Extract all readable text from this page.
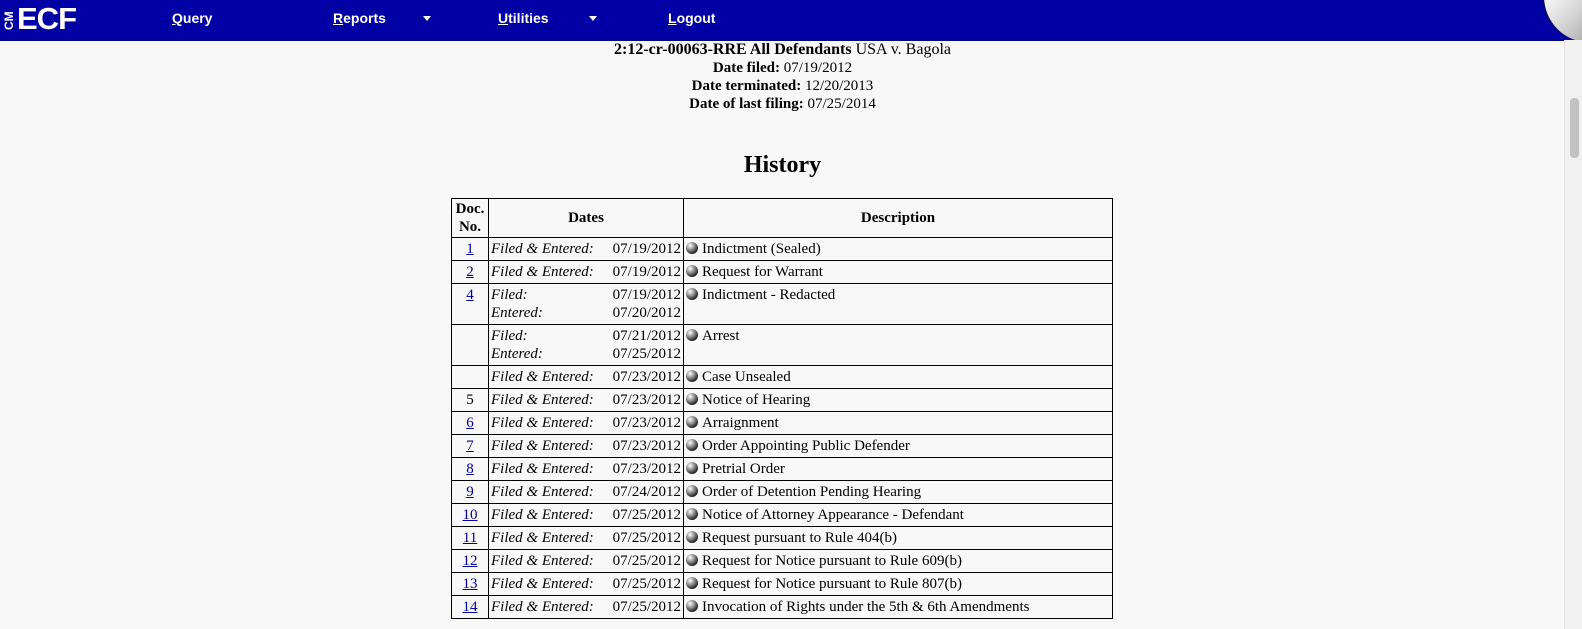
CM ECF	Query	Reports	Utilities	Logout
2:12-cr-00063-RRE All Defendants USA v. Bagola
Date filed: 07/19/2012
Date terminated: 12/20/2013
Date of last filing: 07/25/2014
History
Doc.
No.	Dates	Description
1	Filed & Entered: 07/19/2012	Indictment (Sealed)
2	Filed & Entered: 07/19/2012	Request for Warrant
4	Filed: 07/19/2012
Entered: 07/20/2012	Indictment - Redacted

	Filed: 07/21/2012
Entered: 07/25/2012	Arrest

	Filed & Entered: 07/23/2012	Case Unsealed
5	Filed & Entered: 07/23/2012	Notice of Hearing
6	Filed & Entered: 07/23/2012	Arraignment
7	Filed & Entered: 07/23/2012	Order Appointing Public Defender
8	Filed & Entered: 07/23/2012	Pretrial Order
9	Filed & Entered: 07/24/2012	Order of Detention Pending Hearing
10	Filed & Entered: 07/25/2012	Notice of Attorney Appearance - Defendant
11	Filed & Entered: 07/25/2012	Request pursuant to Rule 404(b)
12	Filed & Entered: 07/25/2012	Request for Notice pursuant to Rule 609(b)
13	Filed & Entered: 07/25/2012	Request for Notice pursuant to Rule 807(b)
14	Filed & Entered: 07/25/2012	Invocation of Rights under the 5th & 6th Amendments
